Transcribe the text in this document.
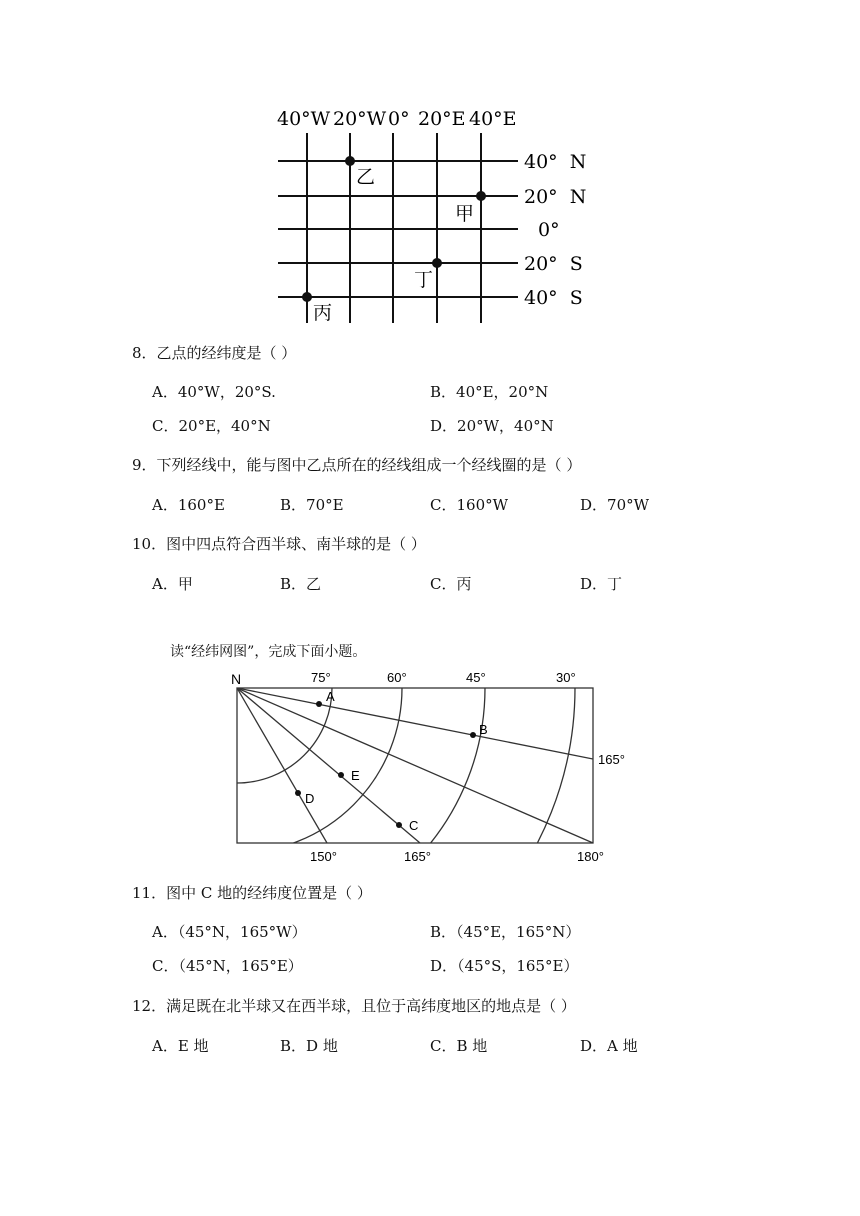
40°W 20°W 0° 20°E 40°E
40°  N
20°  N
0°
20°  S
40°  S
乙
甲
丁
丙
8．乙点的经纬度是（ ）
A．40°W，20°S.	B．40°E，20°N
C．20°E，40°N	D．20°W，40°N
9．下列经线中，能与图中乙点所在的经线组成一个经线圈的是（ ）
A．160°E	B．70°E	C．160°W	D．70°W
10．图中四点符合西半球、南半球的是（ ）
A．甲	B．乙	C．丙	D．丁
读“经纬网图”，完成下面小题。
N	75°	60°	45°	30°
165°
150°	165°	180°
A
B
C
D
E
11．图中 C 地的经纬度位置是（ ）
A．（45°N，165°W）	B．（45°E，165°N）
C．（45°N，165°E）	D．（45°S，165°E）
12．满足既在北半球又在西半球，且位于高纬度地区的地点是（ ）
A．E 地	B．D 地	C．B 地	D．A 地
